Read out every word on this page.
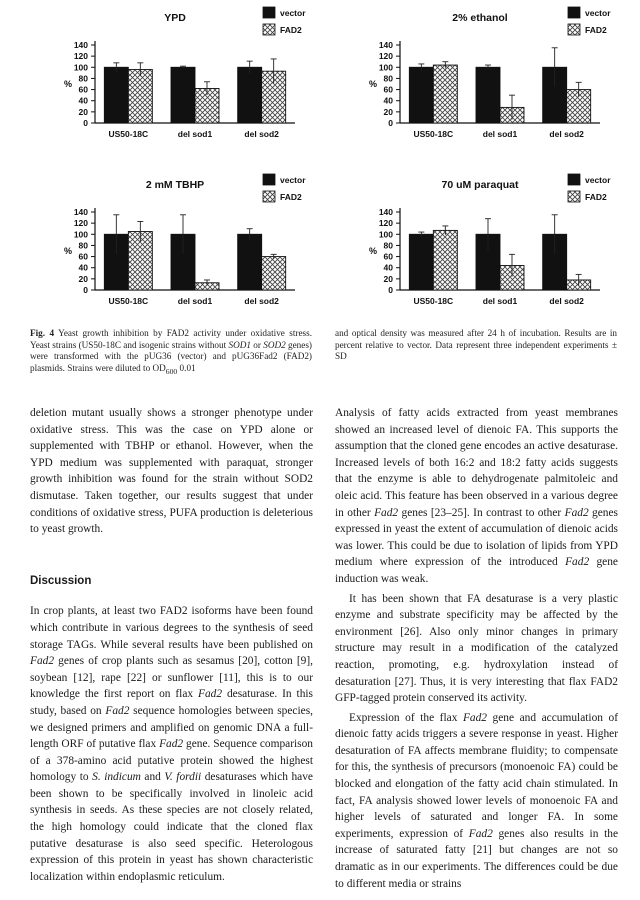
YPD
0
20
40
60
80
100
120
140
%
US50-18C	del sod1	del sod2
vector
FAD2
2% ethanol
0
20
40
60
80
100
120
140
%
US50-18C	del sod1	del sod2
vector
FAD2
2 mM TBHP
0
20
40
60
80
100
120
140
%
US50-18C	del sod1	del sod2
vector
FAD2
70 uM paraquat
0
20
40
60
80
100
120
140
%
US50-18C	del sod1	del sod2
vector
FAD2
Fig. 4 Yeast growth inhibition by FAD2 activity under oxidative stress. Yeast strains (US50-18C and isogenic strains without SOD1 or SOD2 genes) were transformed with the pUG36 (vector) and pUG36Fad2 (FAD2) plasmids. Strains were diluted to $OD_{600}$ 0.01
and optical density was measured after 24 h of incubation. Results are in percent relative to vector. Data represent three independent experiments ± SD

deletion mutant usually shows a stronger phenotype under oxidative stress. This was the case on YPD alone or supplemented with TBHP or ethanol. However, when the YPD medium was supplemented with paraquat, stronger growth inhibition was found for the strain without SOD2 dismutase. Taken together, our results suggest that under conditions of oxidative stress, PUFA production is deleterious to yeast growth.

Discussion

In crop plants, at least two FAD2 isoforms have been found which contribute in various degrees to the synthesis of seed storage TAGs. While several results have been published on Fad2 genes of crop plants such as sesamus [20], cotton [9], soybean [12], rape [22] or sunflower [11], this is to our knowledge the first report on flax Fad2 desaturase. In this study, based on Fad2 sequence homologies between species, we designed primers and amplified on genomic DNA a full-length ORF of putative flax Fad2 gene. Sequence comparison of a 378-amino acid putative protein showed the highest homology to S. indicum and V. fordii desaturases which have been shown to be specifically involved in linoleic acid synthesis in seeds. As these species are not closely related, the high homology could indicate that the cloned flax putative desaturase is also seed specific. Heterologous expression of this protein in yeast has shown characteristic localization within endoplasmic reticulum.

Analysis of fatty acids extracted from yeast membranes showed an increased level of dienoic FA. This supports the assumption that the cloned gene encodes an active desaturase. Increased levels of both 16:2 and 18:2 fatty acids suggests that the enzyme is able to dehydrogenate palmitoleic and oleic acid. This feature has been observed in a various degree in other Fad2 genes [23–25]. In contrast to other Fad2 genes expressed in yeast the extent of accumulation of dienoic acids was lower. This could be due to isolation of lipids from YPD medium where expression of the introduced Fad2 gene induction was weak.

It has been shown that FA desaturase is a very plastic enzyme and substrate specificity may be affected by the environment [26]. Also only minor changes in primary structure may result in a modification of the catalyzed reaction, promoting, e.g. hydroxylation instead of desaturation [27]. Thus, it is very interesting that flax FAD2 GFP-tagged protein conserved its activity.

Expression of the flax Fad2 gene and accumulation of dienoic fatty acids triggers a severe response in yeast. Higher desaturation of FA affects membrane fluidity; to compensate for this, the synthesis of precursors (monoenoic FA) could be blocked and elongation of the fatty acid chain stimulated. In fact, FA analysis showed lower levels of monoenoic FA and higher levels of saturated and longer FA. In some experiments, expression of Fad2 genes also results in the increase of saturated fatty [21] but changes are not so dramatic as in our experiments. The differences could be due to different media or strains
